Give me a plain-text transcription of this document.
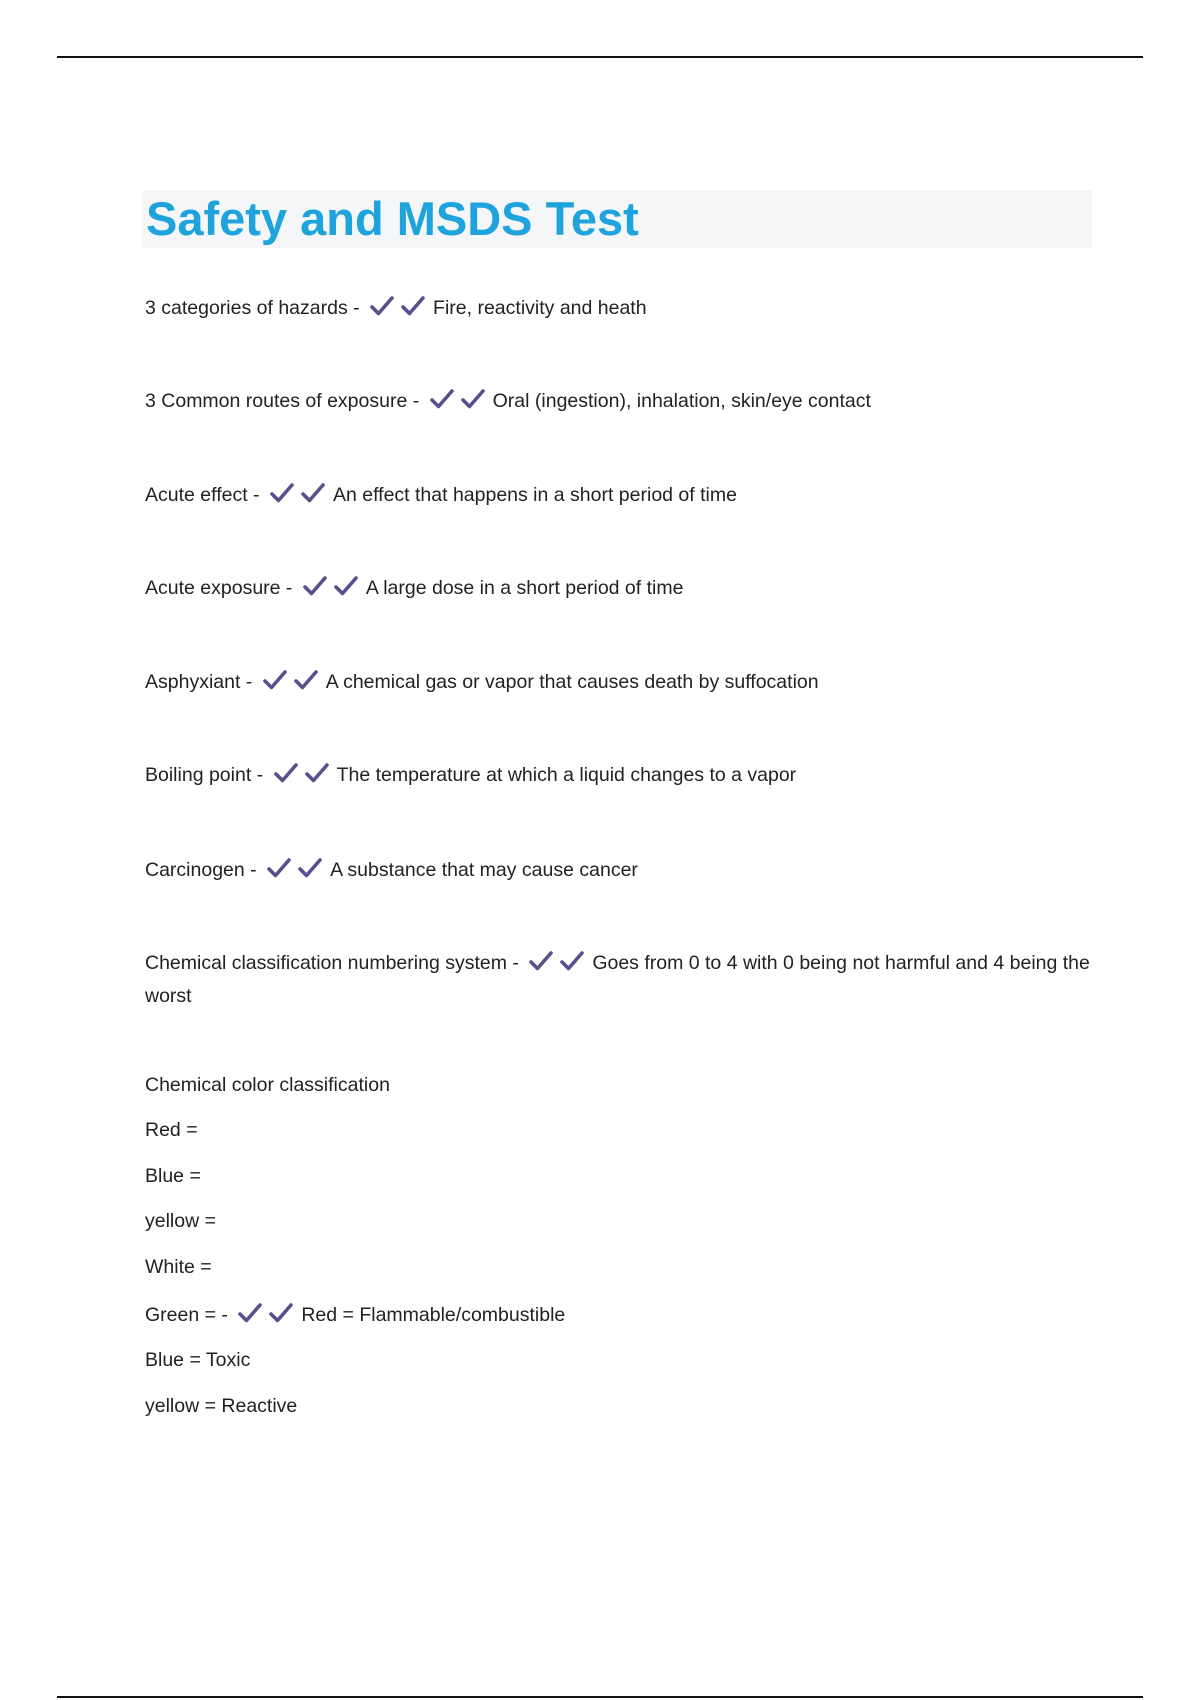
Safety and MSDS Test
3 categories of hazards -	Fire, reactivity and heath
3 Common routes of exposure -	Oral (ingestion), inhalation, skin/eye contact
Acute effect -	An effect that happens in a short period of time
Acute exposure -	A large dose in a short period of time
Asphyxiant -	A chemical gas or vapor that causes death by suffocation
Boiling point -	The temperature at which a liquid changes to a vapor
Carcinogen -	A substance that may cause cancer
Chemical classification numbering system -	Goes from 0 to 4 with 0 being not harmful and 4 being the worst
Chemical color classification
Red =
Blue =
yellow =
White =
Green = -	Red = Flammable/combustible
Blue = Toxic
yellow = Reactive
